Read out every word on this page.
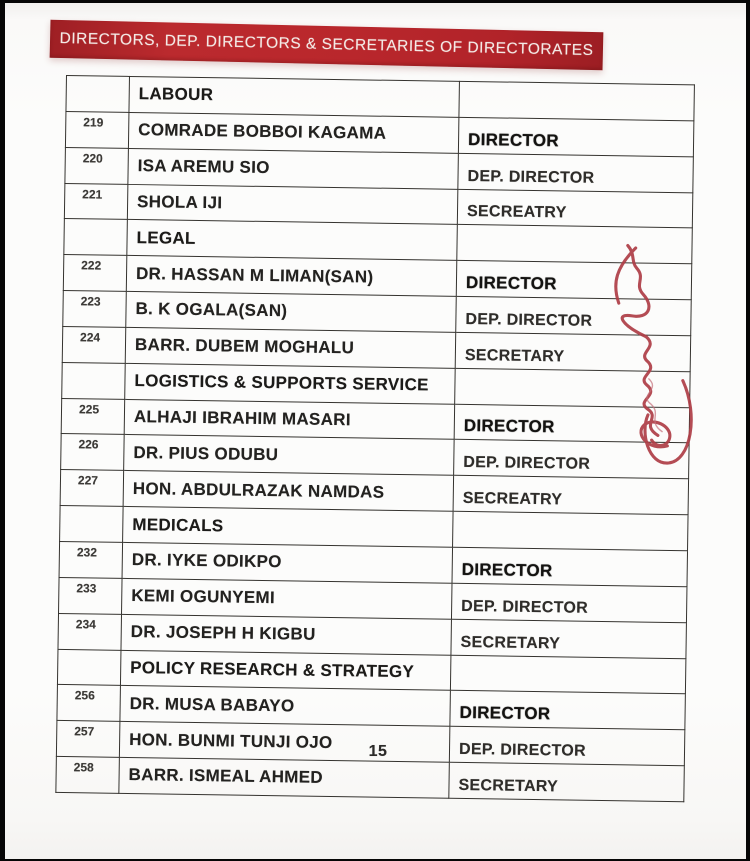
DIRECTORS, DEP. DIRECTORS & SECRETARIES OF DIRECTORATES
	LABOUR	
219	COMRADE BOBBOI KAGAMA	DIRECTOR
220	ISA AREMU SIO	DEP. DIRECTOR
221	SHOLA IJI	SECREATRY
	LEGAL	
222	DR. HASSAN M LIMAN(SAN)	DIRECTOR
223	B. K OGALA(SAN)	DEP. DIRECTOR
224	BARR. DUBEM MOGHALU	SECRETARY
	LOGISTICS & SUPPORTS SERVICE	
225	ALHAJI IBRAHIM MASARI	DIRECTOR
226	DR. PIUS ODUBU	DEP. DIRECTOR
227	HON. ABDULRAZAK NAMDAS	SECREATRY
	MEDICALS	
232	DR. IYKE ODIKPO	DIRECTOR
233	KEMI OGUNYEMI	DEP. DIRECTOR
234	DR. JOSEPH H KIGBU	SECRETARY
	POLICY RESEARCH & STRATEGY	
256	DR. MUSA BABAYO	DIRECTOR
257	HON. BUNMI TUNJI OJO	DEP. DIRECTOR
258	BARR. ISMEAL AHMED	SECRETARY
15
